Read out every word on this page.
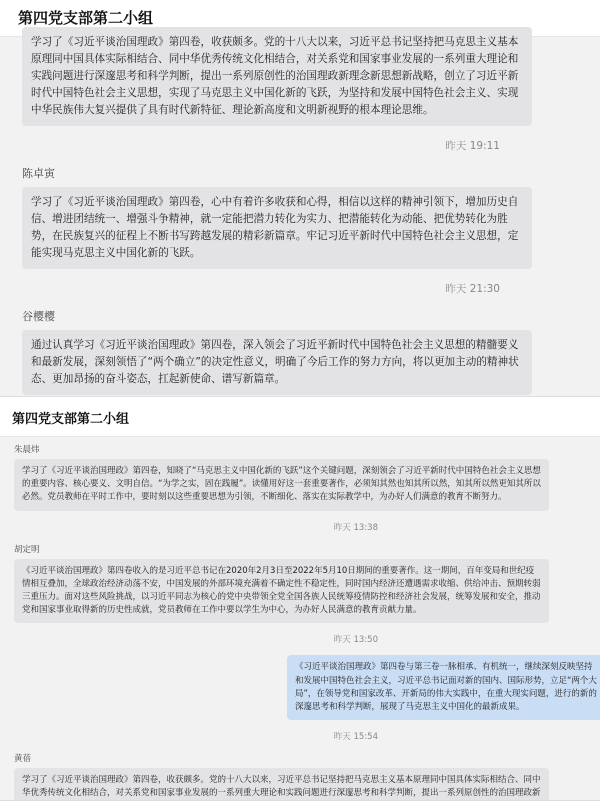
第四党支部第二小组
学习了《习近平谈治国理政》第四卷，收获颇多。党的十八大以来，习近平总书记坚持把马克思主义基本原理同中国具体实际相结合、同中华优秀传统文化相结合，对关系党和国家事业发展的一系列重大理论和实践问题进行深邃思考和科学判断，提出一系列原创性的治国理政新理念新思想新战略，创立了习近平新时代中国特色社会主义思想，实现了马克思主义中国化新的飞跃，为坚持和发展中国特色社会主义、实现中华民族伟大复兴提供了具有时代新特征、理论新高度和文明新视野的根本理论思维。
昨天 19:11
陈卓寅
学习了《习近平谈治国理政》第四卷，心中有着许多收获和心得，相信以这样的精神引领下，增加历史自信、增进团结统一、增强斗争精神，就一定能把潜力转化为实力、把潜能转化为动能、把优势转化为胜势，在民族复兴的征程上不断书写跨越发展的精彩新篇章。牢记习近平新时代中国特色社会主义思想，定能实现马克思主义中国化新的飞跃。
昨天 21:30
谷樱樱
通过认真学习《习近平谈治国理政》第四卷，深入领会了习近平新时代中国特色社会主义思想的精髓要义和最新发展，深刻领悟了“两个确立”的决定性意义，明确了今后工作的努力方向，将以更加主动的精神状态、更加昂扬的奋斗姿态，扛起新使命、谱写新篇章。
第四党支部第二小组
朱晨炜
学习了《习近平谈治国理政》第四卷，知晓了“马克思主义中国化新的飞跃”这个关键问题，深刻领会了习近平新时代中国特色社会主义思想的重要内容、核心要义、文明自信。“为学之实，固在践履”。读懂用好这一套重要著作，必须知其然也知其所以然，知其所以然更知其所以必然。党员教师在平时工作中，要时刻以这些重要思想为引领，不断细化、落实在实际教学中，为办好人们满意的教育不断努力。
昨天 13:38
胡定明
《习近平谈治国理政》第四卷收入的是习近平总书记在2020年2月3日至2022年5月10日期间的重要著作。这一期间，百年变局和世纪疫情相互叠加，全球政治经济动荡不安，中国发展的外部环境充满着不确定性不稳定性，同时国内经济还遭遇需求收缩、供给冲击、预期转弱三重压力。面对这些风险挑战，以习近平同志为核心的党中央带领全党全国各族人民统筹疫情防控和经济社会发展，统筹发展和安全，推动党和国家事业取得新的历史性成就，党员教师在工作中要以学生为中心，为办好人民满意的教育贡献力量。
昨天 13:50
《习近平谈治国理政》第四卷与第三卷一脉相承、有机统一，继续深刻反映坚持和发展中国特色社会主义，习近平总书记面对新的国内、国际形势，立足“两个大局”，在领导党和国家改革、开新局的伟大实践中，在重大现实问题，进行的新的深邃思考和科学判断，展现了马克思主义中国化的最新成果。
昨天 15:54
黄蓓
学习了《习近平谈治国理政》第四卷，收获颇多。党的十八大以来，习近平总书记坚持把马克思主义基本原理同中国具体实际相结合、同中华优秀传统文化相结合，对关系党和国家事业发展的一系列重大理论和实践问题进行深邃思考和科学判断，提出一系列原创性的治国理政新
